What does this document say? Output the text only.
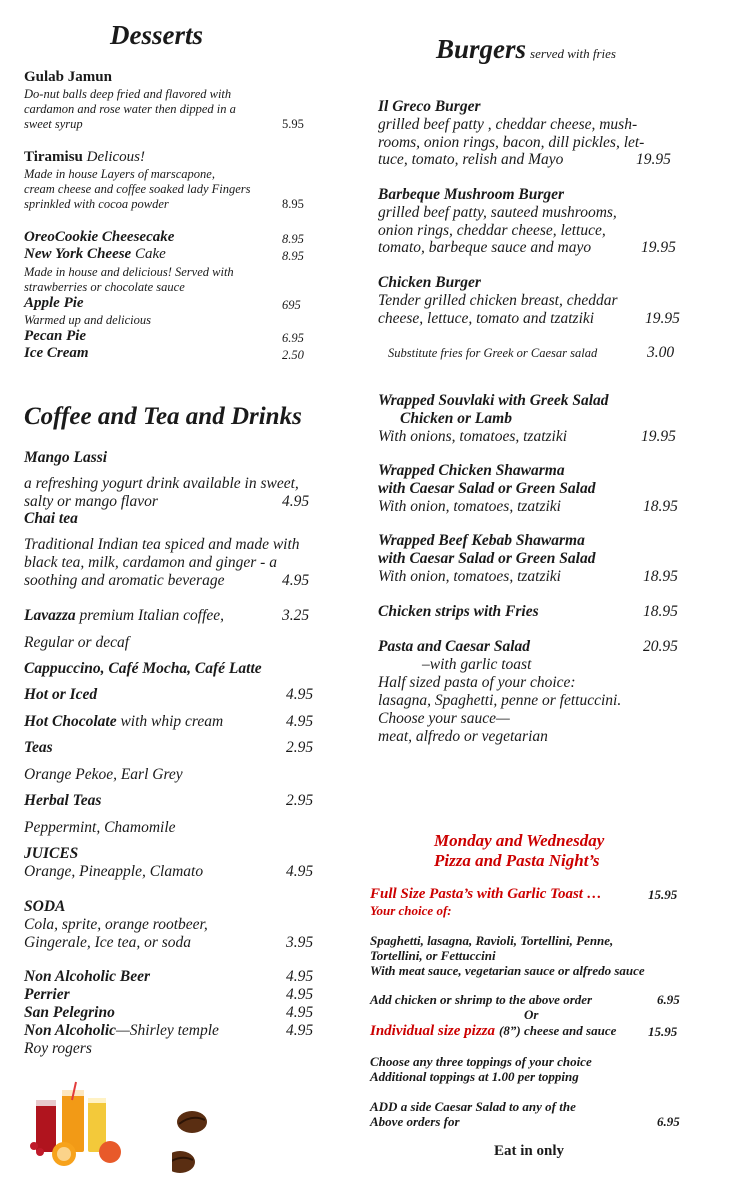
Desserts
Gulab Jamun
Do-nut balls deep fried and flavored with
cardamon and rose water then dipped in a
sweet syrup	5.95
Tiramisu Delicous!
Made in house Layers of marscapone,
cream cheese and coffee soaked lady Fingers
sprinkled with cocoa powder	8.95
OreoCookie Cheesecake	8.95
New York Cheese Cake	8.95
Made in house and delicious! Served with
strawberries or chocolate sauce
Apple Pie	695
Warmed up and delicious
Pecan Pie	6.95
Ice Cream	2.50
Coffee and Tea and Drinks
Mango Lassi
a refreshing yogurt drink available in sweet,
salty or mango flavor	4.95
Chai tea
Traditional Indian tea spiced and made with
black tea, milk, cardamon and ginger - a
soothing and aromatic beverage	4.95
Lavazza premium Italian coffee,	3.25
Regular or decaf
Cappuccino, Café Mocha, Café Latte
Hot or Iced	4.95
Hot Chocolate with whip cream	4.95
Teas	2.95
Orange Pekoe, Earl Grey
Herbal Teas	2.95
Peppermint, Chamomile
JUICES
Orange, Pineapple, Clamato	4.95
SODA
Cola, sprite, orange rootbeer,
Gingerale, Ice tea, or soda	3.95
Non Alcoholic Beer	4.95
Perrier	4.95
San Pelegrino	4.95
Non Alcoholic—Shirley temple	4.95
Roy rogers
Burgers served with fries
Il Greco Burger
grilled beef patty , cheddar cheese, mush-
rooms, onion rings, bacon, dill pickles, let-
tuce, tomato, relish and Mayo	19.95
Barbeque Mushroom Burger
grilled beef patty, sauteed mushrooms,
onion rings, cheddar cheese, lettuce,
tomato, barbeque sauce and mayo	19.95
Chicken Burger
Tender grilled chicken breast, cheddar
cheese, lettuce, tomato and tzatziki	19.95
Substitute fries for Greek or Caesar salad	3.00
Wrapped Souvlaki with Greek Salad
Chicken or Lamb
With onions, tomatoes, tzatziki	19.95
Wrapped Chicken Shawarma
with Caesar Salad or Green Salad
With onion, tomatoes, tzatziki	18.95
Wrapped Beef Kebab Shawarma
with Caesar Salad or Green Salad
With onion, tomatoes, tzatziki	18.95
Chicken strips with Fries	18.95
Pasta and Caesar Salad	20.95
–with garlic toast
Half sized pasta of your choice:
lasagna, Spaghetti, penne or fettuccini.
Choose your sauce—
meat, alfredo or vegetarian
Monday and Wednesday
Pizza and Pasta Night’s
Full Size Pasta’s with Garlic Toast …	15.95
Your choice of:
Spaghetti, lasagna, Ravioli, Tortellini, Penne,
Tortellini, or Fettuccini
With meat sauce, vegetarian sauce or alfredo sauce
Add chicken or shrimp to the above order	6.95
Or
Individual size pizza (8”) cheese and sauce 15.95
Choose any three toppings of your choice
Additional toppings at 1.00 per topping
ADD a side Caesar Salad to any of the
Above orders for	6.95
Eat in only
